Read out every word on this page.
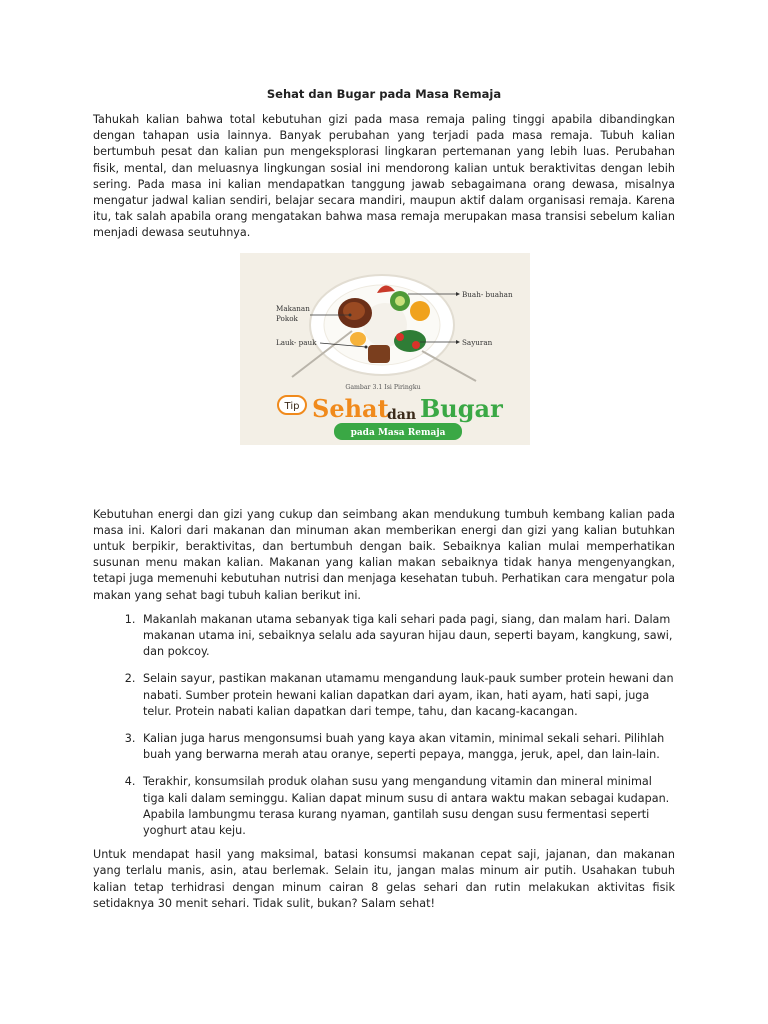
Sehat dan Bugar pada Masa Remaja

Tahukah kalian bahwa total kebutuhan gizi pada masa remaja paling tinggi apabila dibandingkan dengan tahapan usia lainnya. Banyak perubahan yang terjadi pada masa remaja. Tubuh kalian bertumbuh pesat dan kalian pun mengeksplorasi lingkaran pertemanan yang lebih luas. Perubahan fisik, mental, dan meluasnya lingkungan sosial ini mendorong kalian untuk beraktivitas dengan lebih sering. Pada masa ini kalian mendapatkan tanggung jawab sebagaimana orang dewasa, misalnya mengatur jadwal kalian sendiri, belajar secara mandiri, maupun aktif dalam organisasi remaja. Karena itu, tak salah apabila orang mengatakan bahwa masa remaja merupakan masa transisi sebelum kalian menjadi dewasa seutuhnya.

Makanan
Pokok
Lauk- pauk
Buah- buahan
Sayuran
Gambar 3.1 Isi Piringku
Tip Sehat
dan Bugar
pada Masa Remaja

Kebutuhan energi dan gizi yang cukup dan seimbang akan mendukung tumbuh kembang kalian pada masa ini. Kalori dari makanan dan minuman akan memberikan energi dan gizi yang kalian butuhkan untuk berpikir, beraktivitas, dan bertumbuh dengan baik. Sebaiknya kalian mulai memperhatikan susunan menu makan kalian. Makanan yang kalian makan sebaiknya tidak hanya mengenyangkan, tetapi juga memenuhi kebutuhan nutrisi dan menjaga kesehatan tubuh. Perhatikan cara mengatur pola makan yang sehat bagi tubuh kalian berikut ini.

1. Makanlah makanan utama sebanyak tiga kali sehari pada pagi, siang, dan malam hari. Dalam makanan utama ini, sebaiknya selalu ada sayuran hijau daun, seperti bayam, kangkung, sawi, dan pokcoy.
2. Selain sayur, pastikan makanan utamamu mengandung lauk-pauk sumber protein hewani dan nabati. Sumber protein hewani kalian dapatkan dari ayam, ikan, hati ayam, hati sapi, juga telur. Protein nabati kalian dapatkan dari tempe, tahu, dan kacang-kacangan.
3. Kalian juga harus mengonsumsi buah yang kaya akan vitamin, minimal sekali sehari. Pilihlah buah yang berwarna merah atau oranye, seperti pepaya, mangga, jeruk, apel, dan lain-lain.
4. Terakhir, konsumsilah produk olahan susu yang mengandung vitamin dan mineral minimal tiga kali dalam seminggu. Kalian dapat minum susu di antara waktu makan sebagai kudapan. Apabila lambungmu terasa kurang nyaman, gantilah susu dengan susu fermentasi seperti yoghurt atau keju.

Untuk mendapat hasil yang maksimal, batasi konsumsi makanan cepat saji, jajanan, dan makanan yang terlalu manis, asin, atau berlemak. Selain itu, jangan malas minum air putih. Usahakan tubuh kalian tetap terhidrasi dengan minum cairan 8 gelas sehari dan rutin melakukan aktivitas fisik setidaknya 30 menit sehari. Tidak sulit, bukan? Salam sehat!
